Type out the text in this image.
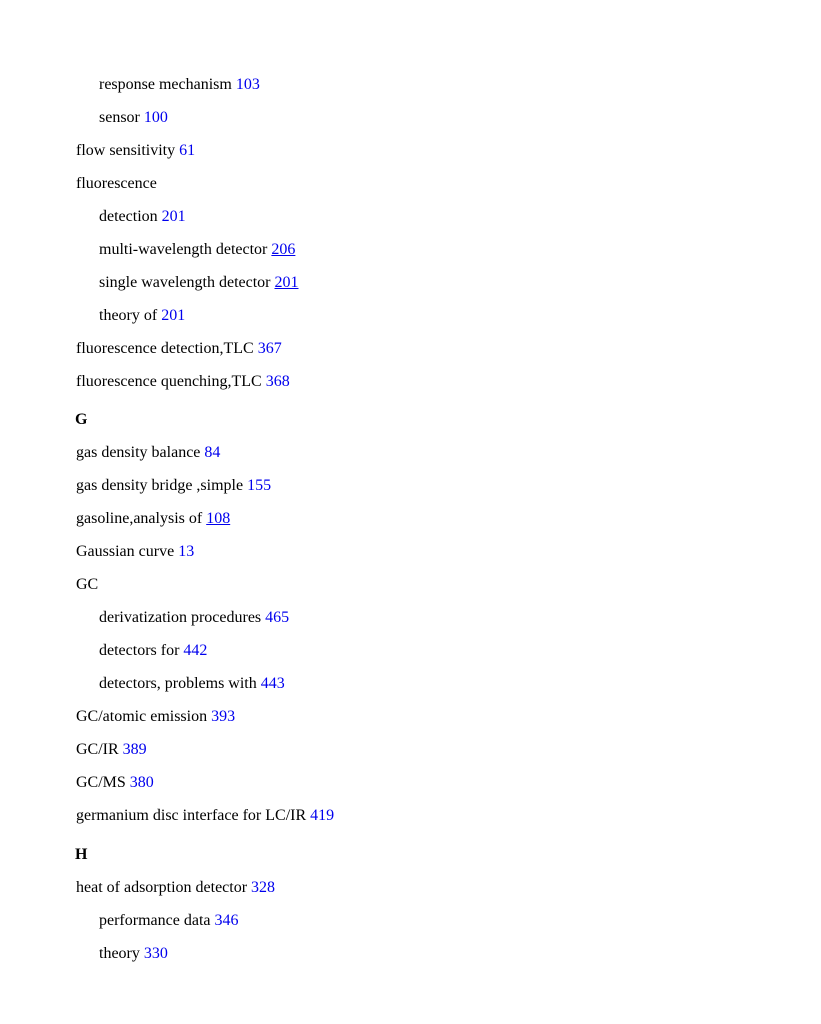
response mechanism 103
sensor 100
flow sensitivity 61
fluorescence
detection 201
multi-wavelength detector 206
single wavelength detector 201
theory of 201
fluorescence detection,TLC 367
fluorescence quenching,TLC 368
G
gas density balance 84
gas density bridge ,simple 155
gasoline,analysis of 108
Gaussian curve 13
GC
derivatization procedures 465
detectors for 442
detectors, problems with 443
GC/atomic emission 393
GC/IR 389
GC/MS 380
germanium disc interface for LC/IR 419
H
heat of adsorption detector 328
performance data 346
theory 330
